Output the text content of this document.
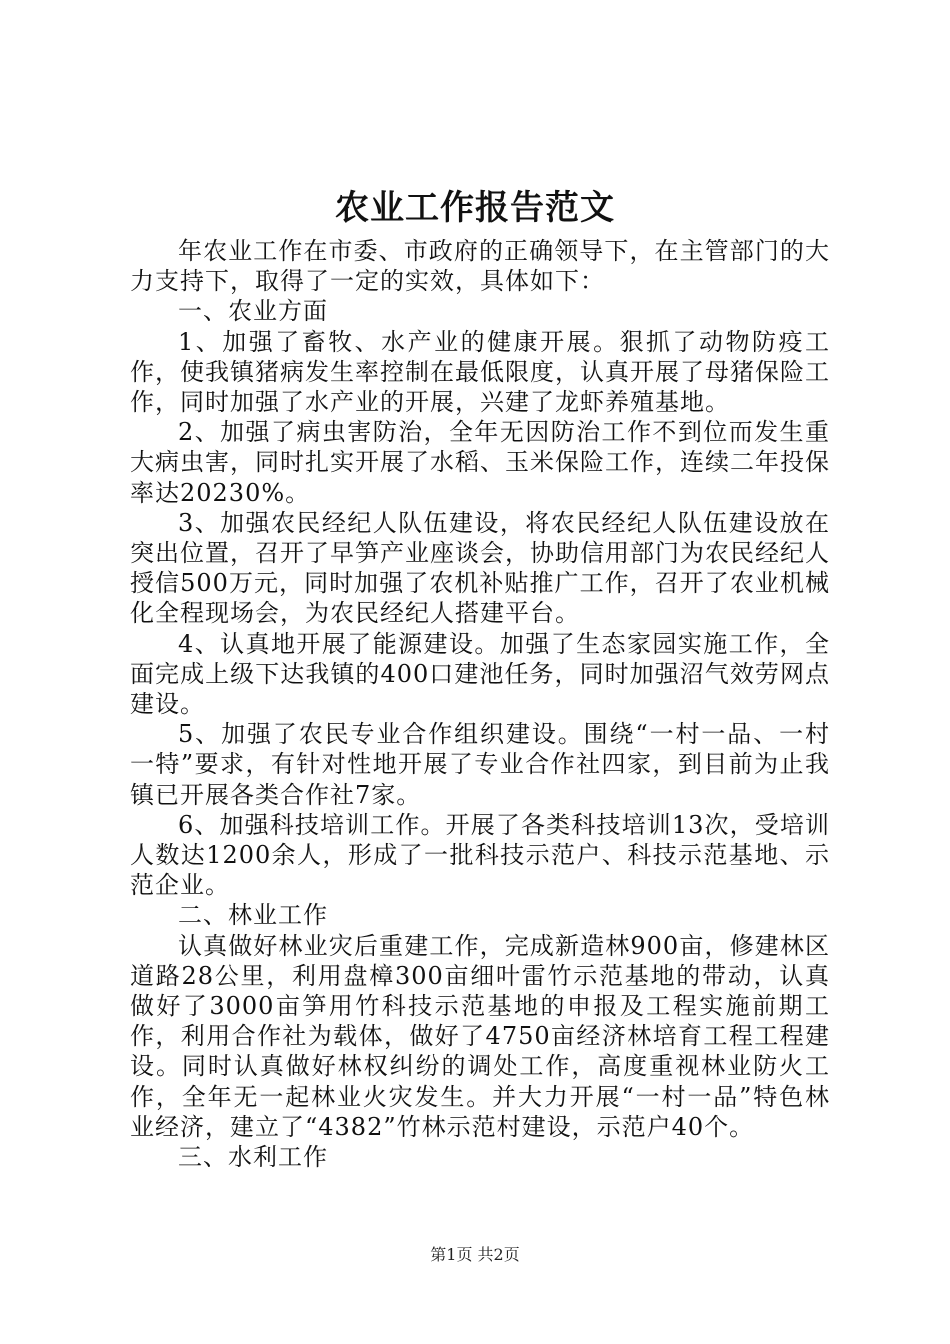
农业工作报告范文

年农业工作在市委、市政府的正确领导下，在主管部门的大力支持下，取得了一定的实效，具体如下：

一、农业方面

1、加强了畜牧、水产业的健康开展。狠抓了动物防疫工作，使我镇猪病发生率控制在最低限度，认真开展了母猪保险工作，同时加强了水产业的开展，兴建了龙虾养殖基地。

2、加强了病虫害防治，全年无因防治工作不到位而发生重大病虫害，同时扎实开展了水稻、玉米保险工作，连续二年投保率达20230%。

3、加强农民经纪人队伍建设，将农民经纪人队伍建设放在突出位置，召开了早笋产业座谈会，协助信用部门为农民经纪人授信500万元，同时加强了农机补贴推广工作，召开了农业机械化全程现场会，为农民经纪人搭建平台。

4、认真地开展了能源建设。加强了生态家园实施工作，全面完成上级下达我镇的400口建池任务，同时加强沼气效劳网点建设。

5、加强了农民专业合作组织建设。围绕“一村一品、一村一特”要求，有针对性地开展了专业合作社四家，到目前为止我镇已开展各类合作社7家。

6、加强科技培训工作。开展了各类科技培训13次，受培训人数达1200余人，形成了一批科技示范户、科技示范基地、示范企业。

二、林业工作

认真做好林业灾后重建工作，完成新造林900亩，修建林区道路28公里，利用盘樟300亩细叶雷竹示范基地的带动，认真做好了3000亩笋用竹科技示范基地的申报及工程实施前期工作，利用合作社为载体，做好了4750亩经济林培育工程工程建设。同时认真做好林权纠纷的调处工作，高度重视林业防火工作，全年无一起林业火灾发生。并大力开展“一村一品”特色林业经济，建立了“4382”竹林示范村建设，示范户40个。

三、水利工作

第1页 共2页
